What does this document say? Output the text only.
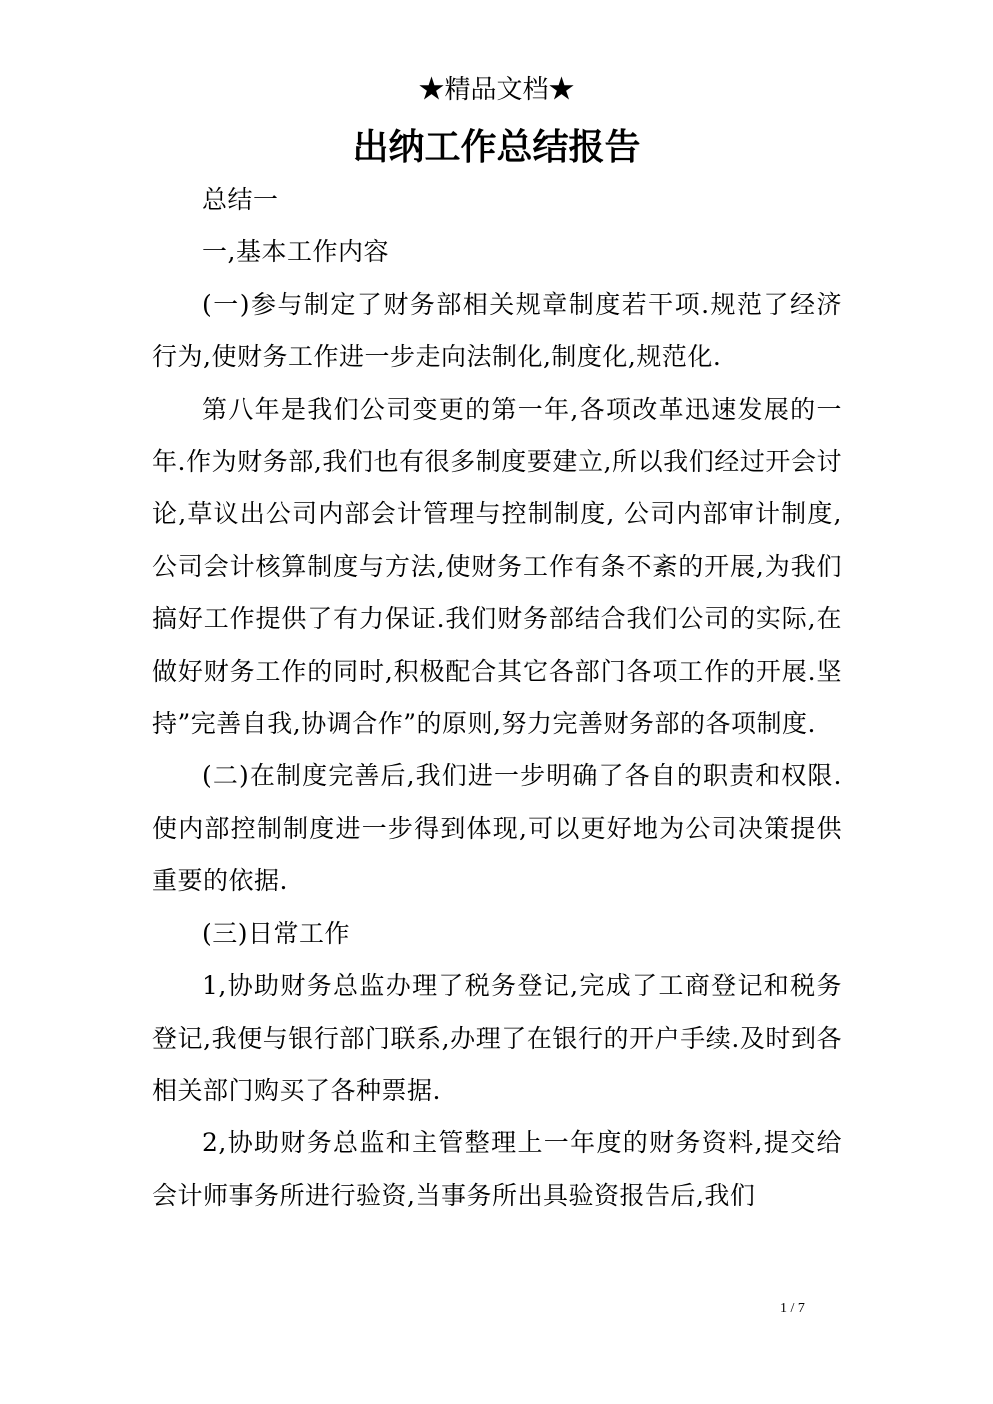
★精品文档★
出纳工作总结报告

总结一

一,基本工作内容

(一)参与制定了财务部相关规章制度若干项.规范了经济行为,使财务工作进一步走向法制化,制度化,规范化.

第八年是我们公司变更的第一年,各项改革迅速发展的一年.作为财务部,我们也有很多制度要建立,所以我们经过开会讨论,草议出公司内部会计管理与控制制度, 公司内部审计制度,公司会计核算制度与方法,使财务工作有条不紊的开展,为我们搞好工作提供了有力保证.我们财务部结合我们公司的实际,在做好财务工作的同时,积极配合其它各部门各项工作的开展.坚持”完善自我,协调合作”的原则,努力完善财务部的各项制度.

(二)在制度完善后,我们进一步明确了各自的职责和权限.使内部控制制度进一步得到体现,可以更好地为公司决策提供重要的依据.

(三)日常工作

1,协助财务总监办理了税务登记,完成了工商登记和税务登记,我便与银行部门联系,办理了在银行的开户手续.及时到各相关部门购买了各种票据.

2,协助财务总监和主管整理上一年度的财务资料,提交给会计师事务所进行验资,当事务所出具验资报告后,我们

1 / 7
